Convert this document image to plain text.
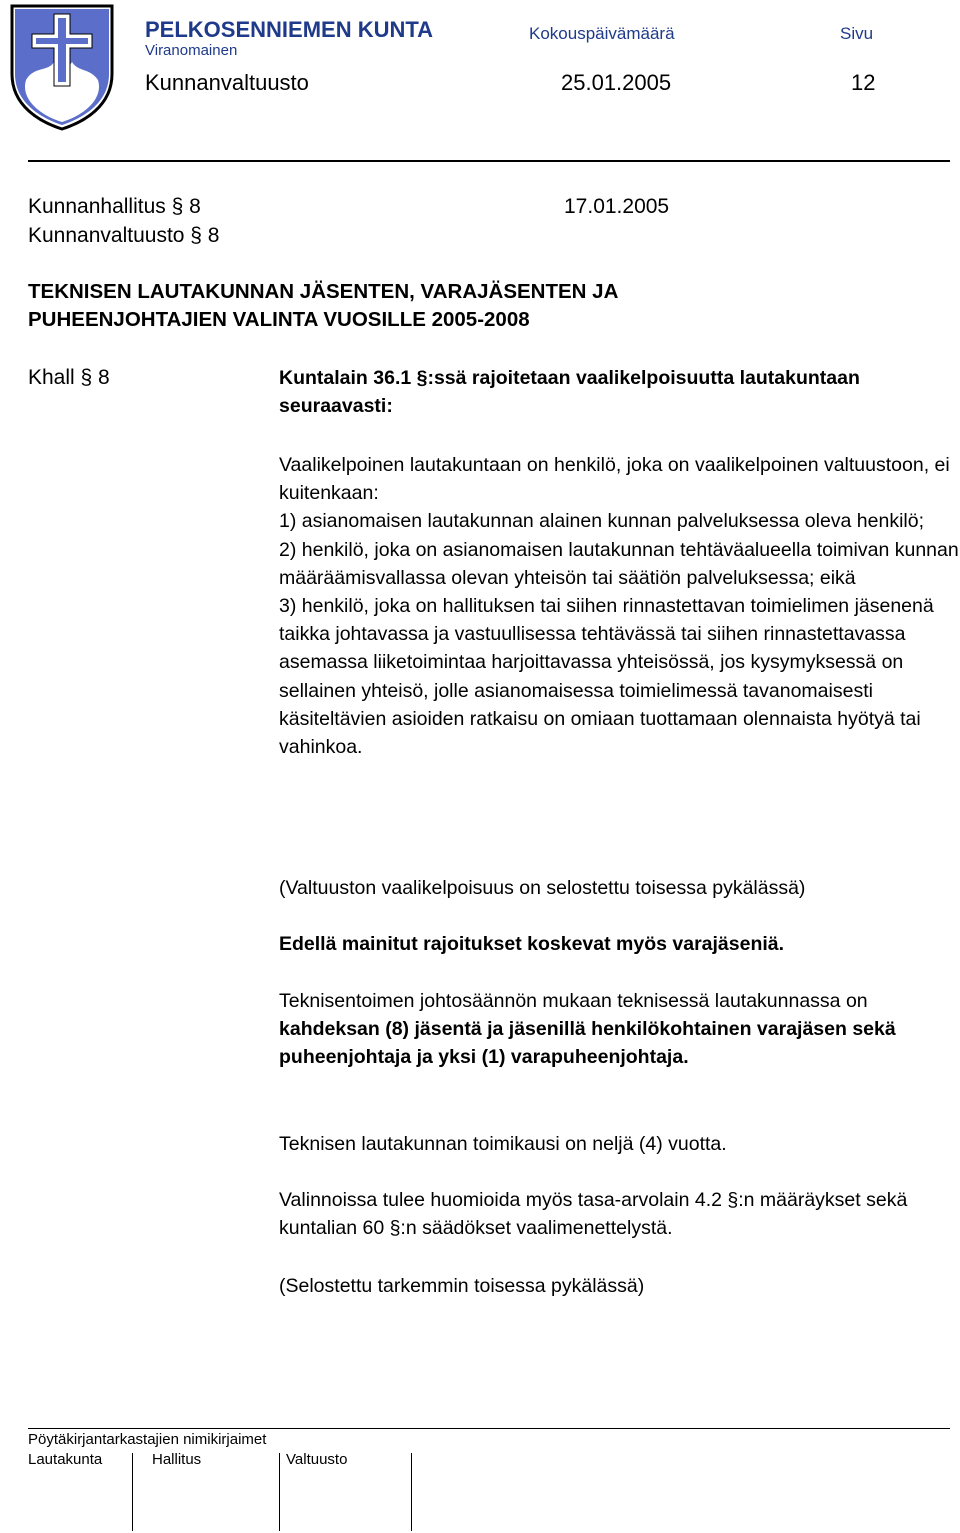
PELKOSENNIEMEN KUNTA
Viranomainen
Kokouspäivämäärä	Sivu
Kunnanvaltuusto	25.01.2005	12
Kunnanhallitus § 8	17.01.2005
Kunnanvaltuusto § 8
TEKNISEN LAUTAKUNNAN JÄSENTEN, VARAJÄSENTEN JA
PUHEENJOHTAJIEN VALINTA VUOSILLE 2005-2008
Khall § 8	Kuntalain 36.1 §:ssä rajoitetaan vaalikelpoisuutta lautakuntaan seuraavasti:

Vaalikelpoinen lautakuntaan on henkilö, joka on vaalikelpoinen valtuustoon, ei kuitenkaan:

1) asianomaisen lautakunnan alainen kunnan palveluksessa oleva henkilö;

2) henkilö, joka on asianomaisen lautakunnan tehtäväalueella toimivan kunnan määräämisvallassa olevan yhteisön tai säätiön palveluksessa; eikä

3) henkilö, joka on hallituksen tai siihen rinnastettavan toimielimen jäsenenä taikka johtavassa ja vastuullisessa tehtävässä tai siihen rinnastettavassa asemassa liiketoimintaa harjoittavassa yhteisössä, jos kysymyksessä on sellainen yhteisö, jolle asianomaisessa toimielimessä tavanomaisesti käsiteltävien asioiden ratkaisu on omiaan tuottamaan olennaista hyötyä tai vahinkoa.

(Valtuuston vaalikelpoisuus on selostettu toisessa pykälässä)

Edellä mainitut rajoitukset koskevat myös varajäseniä.

Teknisentoimen johtosäännön mukaan teknisessä lautakunnassa on kahdeksan (8) jäsentä ja jäsenillä henkilökohtainen varajäsen sekä puheenjohtaja ja yksi (1) varapuheenjohtaja.

Teknisen lautakunnan toimikausi on neljä (4) vuotta.

Valinnoissa tulee huomioida myös tasa-arvolain 4.2 §:n määräykset sekä kuntalian 60 §:n säädökset vaalimenettelystä.

(Selostettu tarkemmin toisessa pykälässä)

Pöytäkirjantarkastajien nimikirjaimet
Lautakunta	Hallitus	Valtuusto
